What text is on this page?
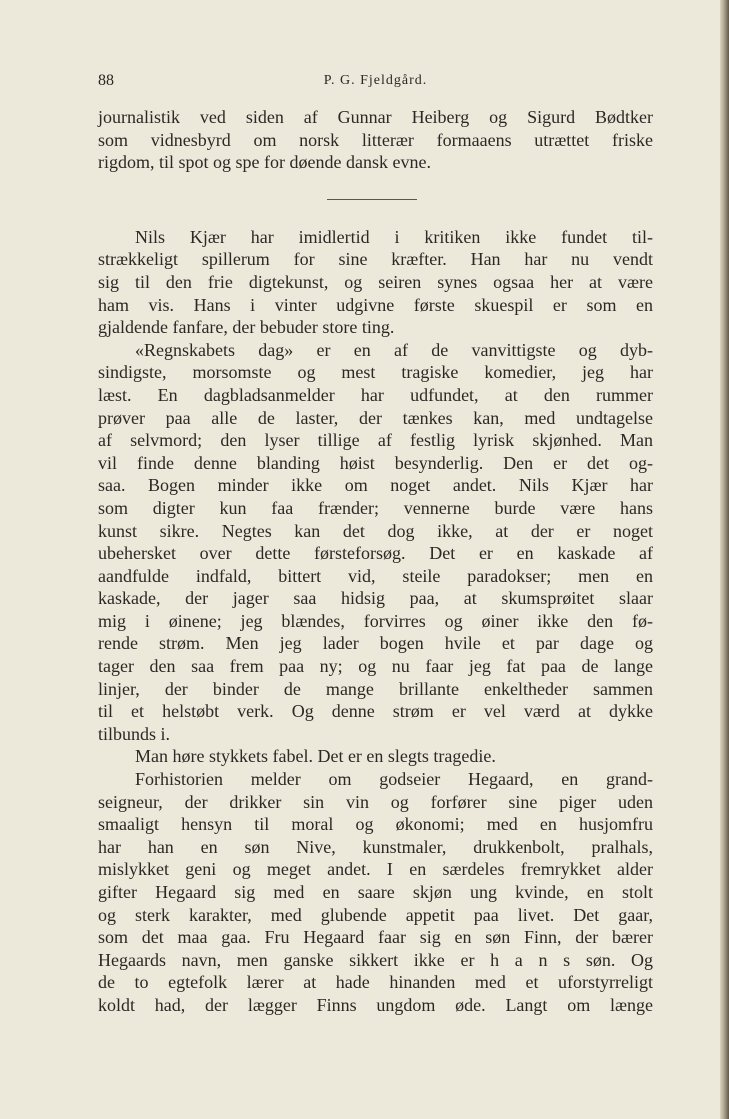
88	P. G. Fjeldgård.
journalistik ved siden af Gunnar Heiberg og Sigurd Bødtker
som vidnesbyrd om norsk litterær formaaens utrættet friske
rigdom, til spot og spe for døende dansk evne.
Nils Kjær har imidlertid i kritiken ikke fundet til-
strækkeligt spillerum for sine kræfter. Han har nu vendt
sig til den frie digtekunst, og seiren synes ogsaa her at være
ham vis. Hans i vinter udgivne første skuespil er som en
gjaldende fanfare, der bebuder store ting.
«Regnskabets dag» er en af de vanvittigste og dyb-
sindigste, morsomste og mest tragiske komedier, jeg har
læst. En dagbladsanmelder har udfundet, at den rummer
prøver paa alle de laster, der tænkes kan, med undtagelse
af selvmord; den lyser tillige af festlig lyrisk skjønhed. Man
vil finde denne blanding høist besynderlig. Den er det og-
saa. Bogen minder ikke om noget andet. Nils Kjær har
som digter kun faa frænder; vennerne burde være hans
kunst sikre. Negtes kan det dog ikke, at der er noget
ubehersket over dette førsteforsøg. Det er en kaskade af
aandfulde indfald, bittert vid, steile paradokser; men en
kaskade, der jager saa hidsig paa, at skumsprøitet slaar
mig i øinene; jeg blændes, forvirres og øiner ikke den fø-
rende strøm. Men jeg lader bogen hvile et par dage og
tager den saa frem paa ny; og nu faar jeg fat paa de lange
linjer, der binder de mange brillante enkeltheder sammen
til et helstøbt verk. Og denne strøm er vel værd at dykke
tilbunds i.
Man høre stykkets fabel. Det er en slegts tragedie.
Forhistorien melder om godseier Hegaard, en grand-
seigneur, der drikker sin vin og forfører sine piger uden
smaaligt hensyn til moral og økonomi; med en husjomfru
har han en søn Nive, kunstmaler, drukkenbolt, pralhals,
mislykket geni og meget andet. I en særdeles fremrykket alder
gifter Hegaard sig med en saare skjøn ung kvinde, en stolt
og sterk karakter, med glubende appetit paa livet. Det gaar,
som det maa gaa. Fru Hegaard faar sig en søn Finn, der bærer
Hegaards navn, men ganske sikkert ikke er h a n s søn. Og
de to egtefolk lærer at hade hinanden med et uforstyrreligt
koldt had, der lægger Finns ungdom øde. Langt om længe
